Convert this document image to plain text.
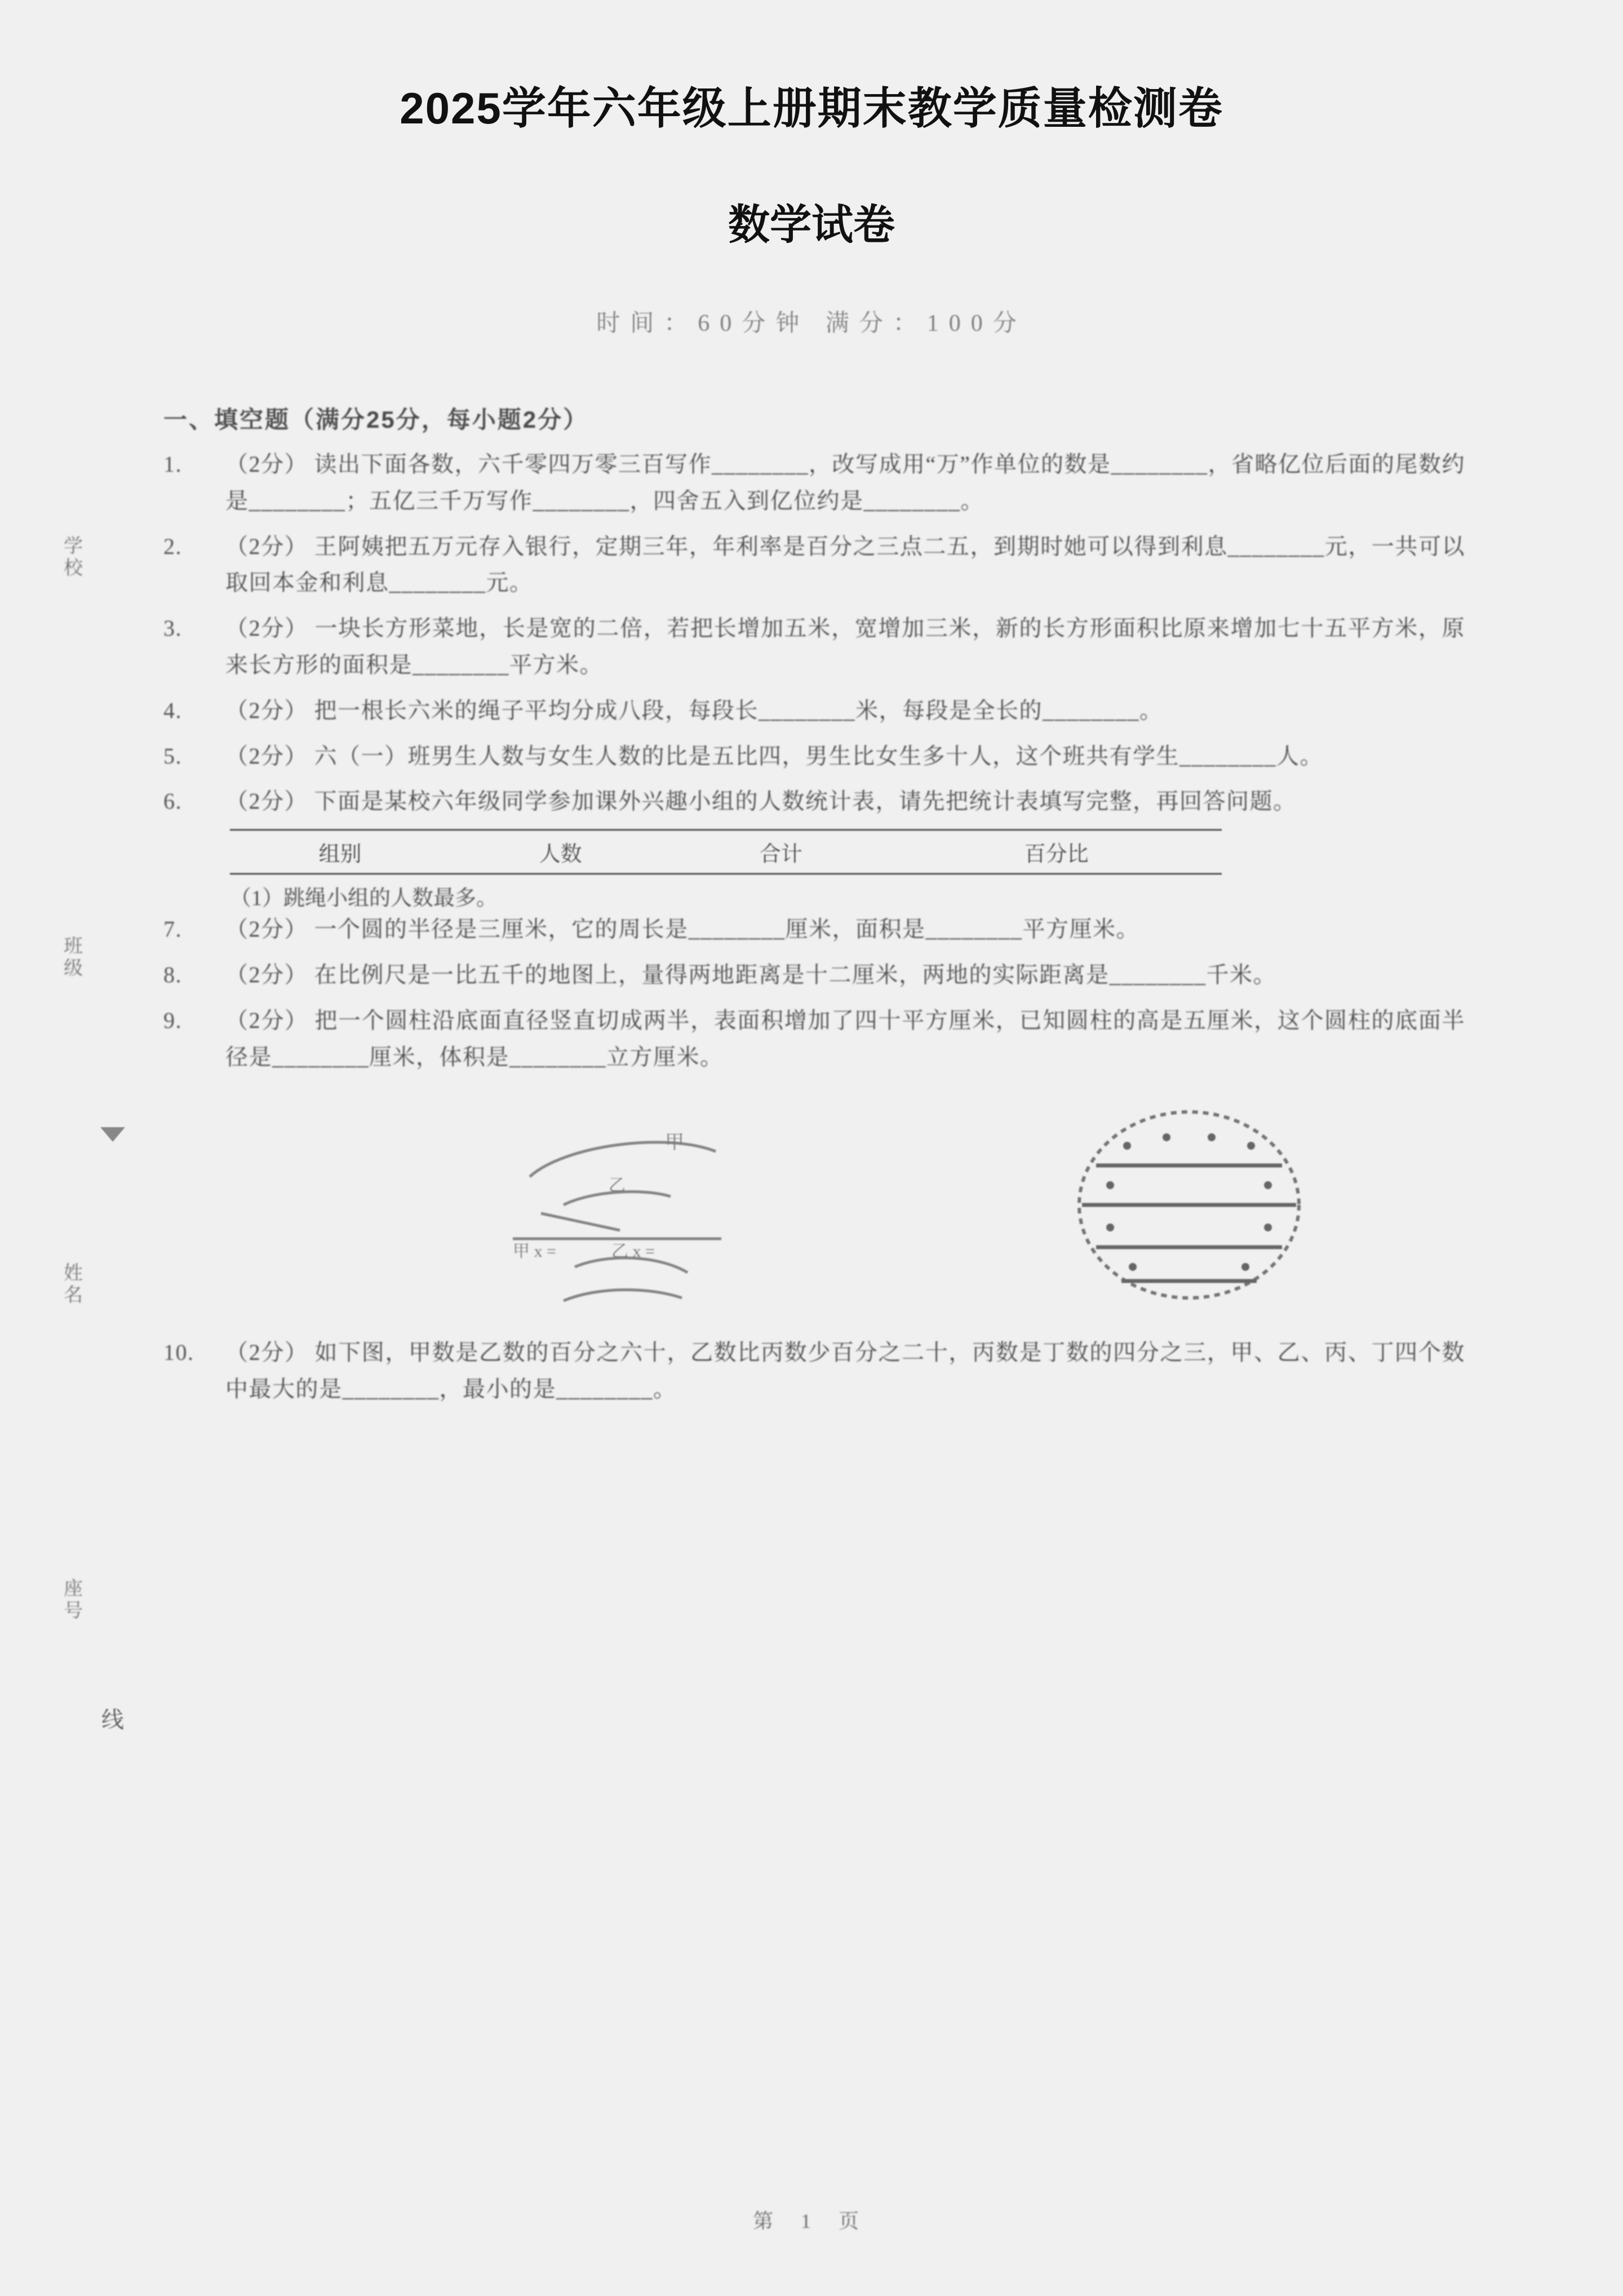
2025学年六年级上册期末教学质量检测卷
数学试卷
时间：60分钟 满分：100分
学 校
班 级
姓 名
座 号
线
一、填空题（满分25分，每小题2分）

1.	（2分） 读出下面各数，六千零四万零三百写作________，改写成用“万”作单位的数是________，省略亿位后面的尾数约是________；五亿三千万写作________，四舍五入到亿位约是________。

2.	（2分） 王阿姨把五万元存入银行，定期三年，年利率是百分之三点二五，到期时她可以得到利息________元，一共可以取回本金和利息________元。

3.	（2分） 一块长方形菜地，长是宽的二倍，若把长增加五米，宽增加三米，新的长方形面积比原来增加七十五平方米，原来长方形的面积是________平方米。

4.	（2分） 把一根长六米的绳子平均分成八段，每段长________米，每段是全长的________。

5.	（2分） 六（一）班男生人数与女生人数的比是五比四，男生比女生多十人，这个班共有学生________人。

6.	（2分） 下面是某校六年级同学参加课外兴趣小组的人数统计表，请先把统计表填写完整，再回答问题。

组别	人数	合计	百分比
（1）跳绳小组的人数最多。

7.	（2分） 一个圆的半径是三厘米，它的周长是________厘米，面积是________平方厘米。

8.	（2分） 在比例尺是一比五千的地图上，量得两地距离是十二厘米，两地的实际距离是________千米。

9.	（2分） 把一个圆柱沿底面直径竖直切成两半，表面积增加了四十平方厘米，已知圆柱的高是五厘米，这个圆柱的底面半径是________厘米，体积是________立方厘米。

甲
乙
甲 x =	乙 x =

10.	（2分） 如下图，甲数是乙数的百分之六十，乙数比丙数少百分之二十，丙数是丁数的四分之三，甲、乙、丙、丁四个数中最大的是________，最小的是________。

第 1 页
